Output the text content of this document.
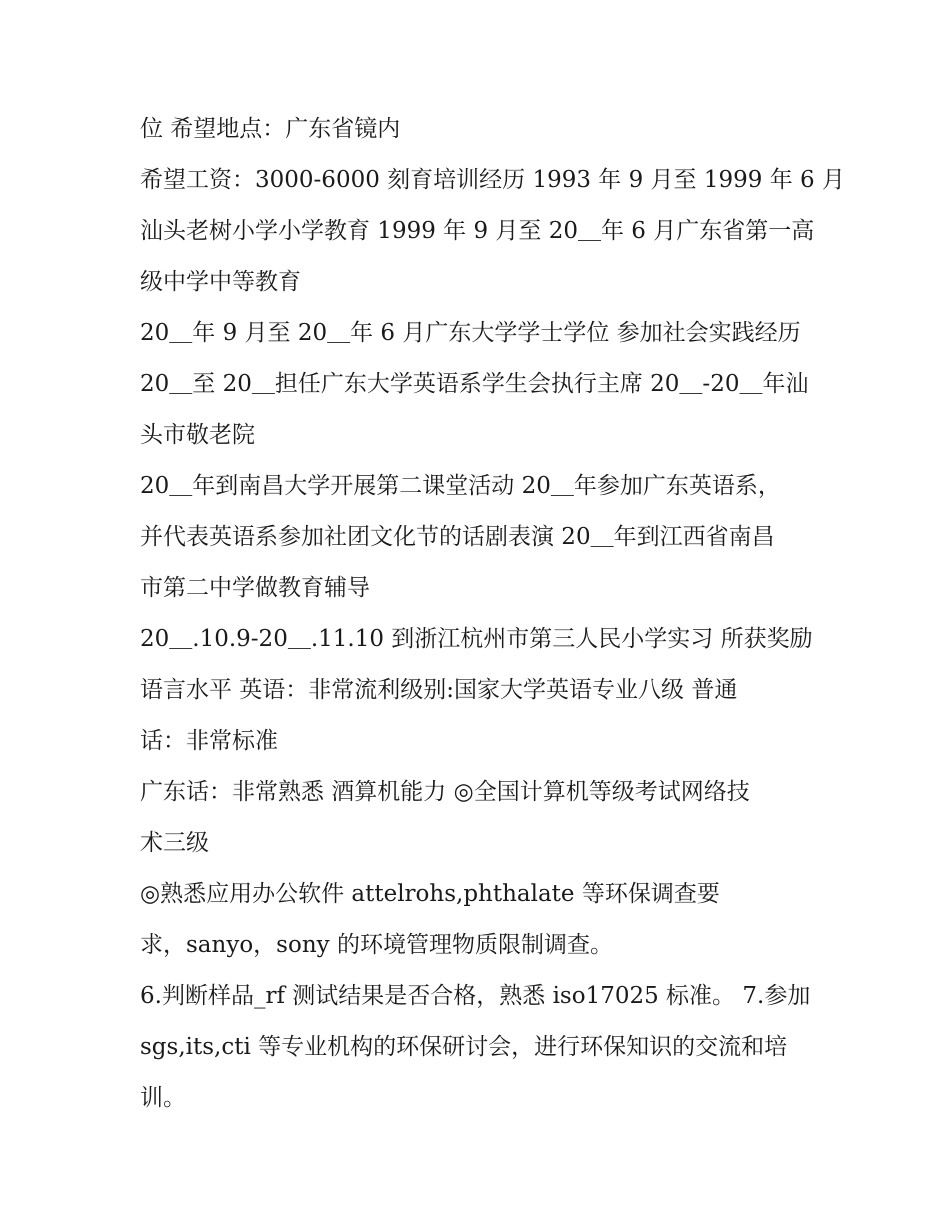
位 希望地点：广东省镜内
希望工资：3000-6000 刻育培训经历 1993 年 9 月至 1999 年 6 月
汕头老树小学小学教育 1999 年 9 月至 20＿年 6 月广东省第一高
级中学中等教育
20＿年 9 月至 20＿年 6 月广东大学学士学位 参加社会实践经历
20＿至 20＿担任广东大学英语系学生会执行主席 20＿-20＿年汕
头市敬老院
20＿年到南昌大学开展第二课堂活动 20＿年参加广东英语系，
并代表英语系参加社团文化节的话剧表演 20＿年到江西省南昌
市第二中学做教育辅导
20＿.10.9-20＿.11.10 到浙江杭州市第三人民小学实习 所获奖励
语言水平 英语：非常流利级别:国家大学英语专业八级 普通
话：非常标准
广东话：非常熟悉 酒算机能力 ◎全国计算机等级考试网络技
术三级
◎熟悉应用办公软件 attelrohs,phthalate 等环保调查要
求，sanyo，sony 的环境管理物质限制调查。
6.判断样品_rf 测试结果是否合格，熟悉 iso17025 标准。 7.参加
sgs,its,cti 等专业机构的环保研讨会，进行环保知识的交流和培
训。
